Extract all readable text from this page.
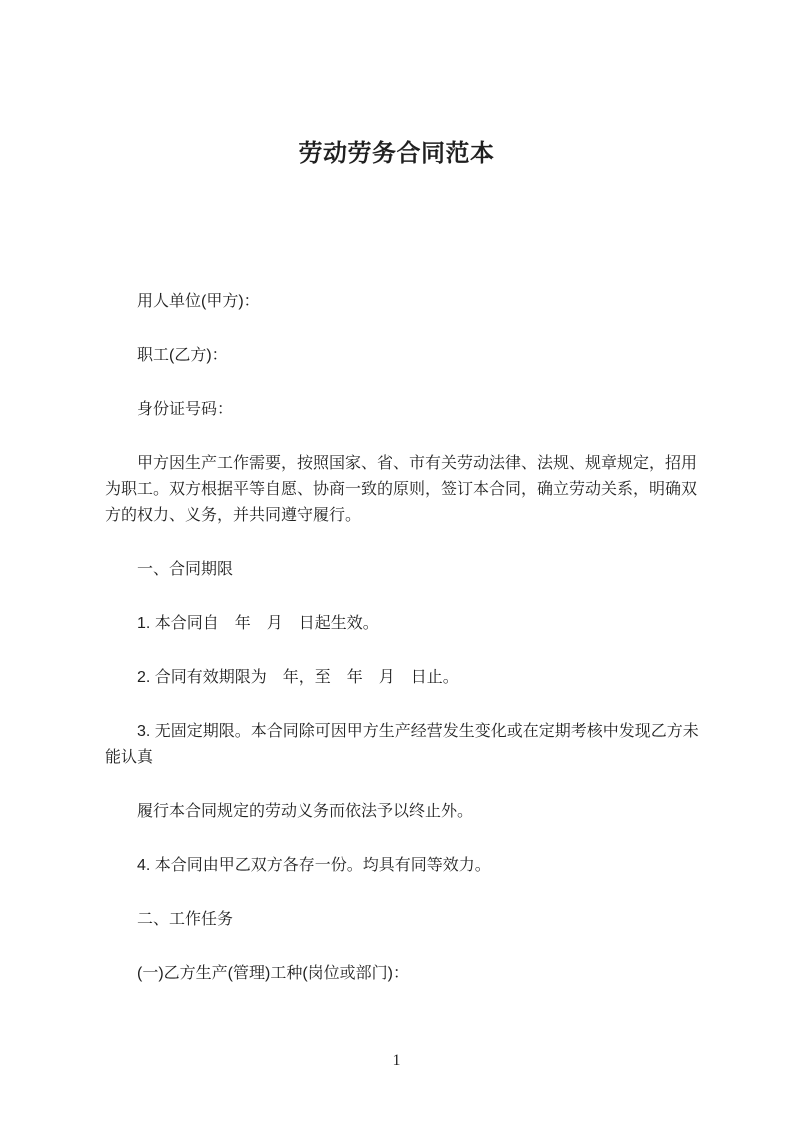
劳动劳务合同范本

用人单位(甲方)：

职工(乙方)：

身份证号码：

甲方因生产工作需要，按照国家、省、市有关劳动法律、法规、规章规定，招用
为职工。双方根据平等自愿、协商一致的原则，签订本合同，确立劳动关系，明确双
方的权力、义务，并共同遵守履行。

一、合同期限

1. 本合同自　年　月　日起生效。

2. 合同有效期限为　年，至　年　月　日止。

3. 无固定期限。本合同除可因甲方生产经营发生变化或在定期考核中发现乙方未
能认真

履行本合同规定的劳动义务而依法予以终止外。

4. 本合同由甲乙双方各存一份。均具有同等效力。

二、工作任务

(一)乙方生产(管理)工种(岗位或部门)：

1
